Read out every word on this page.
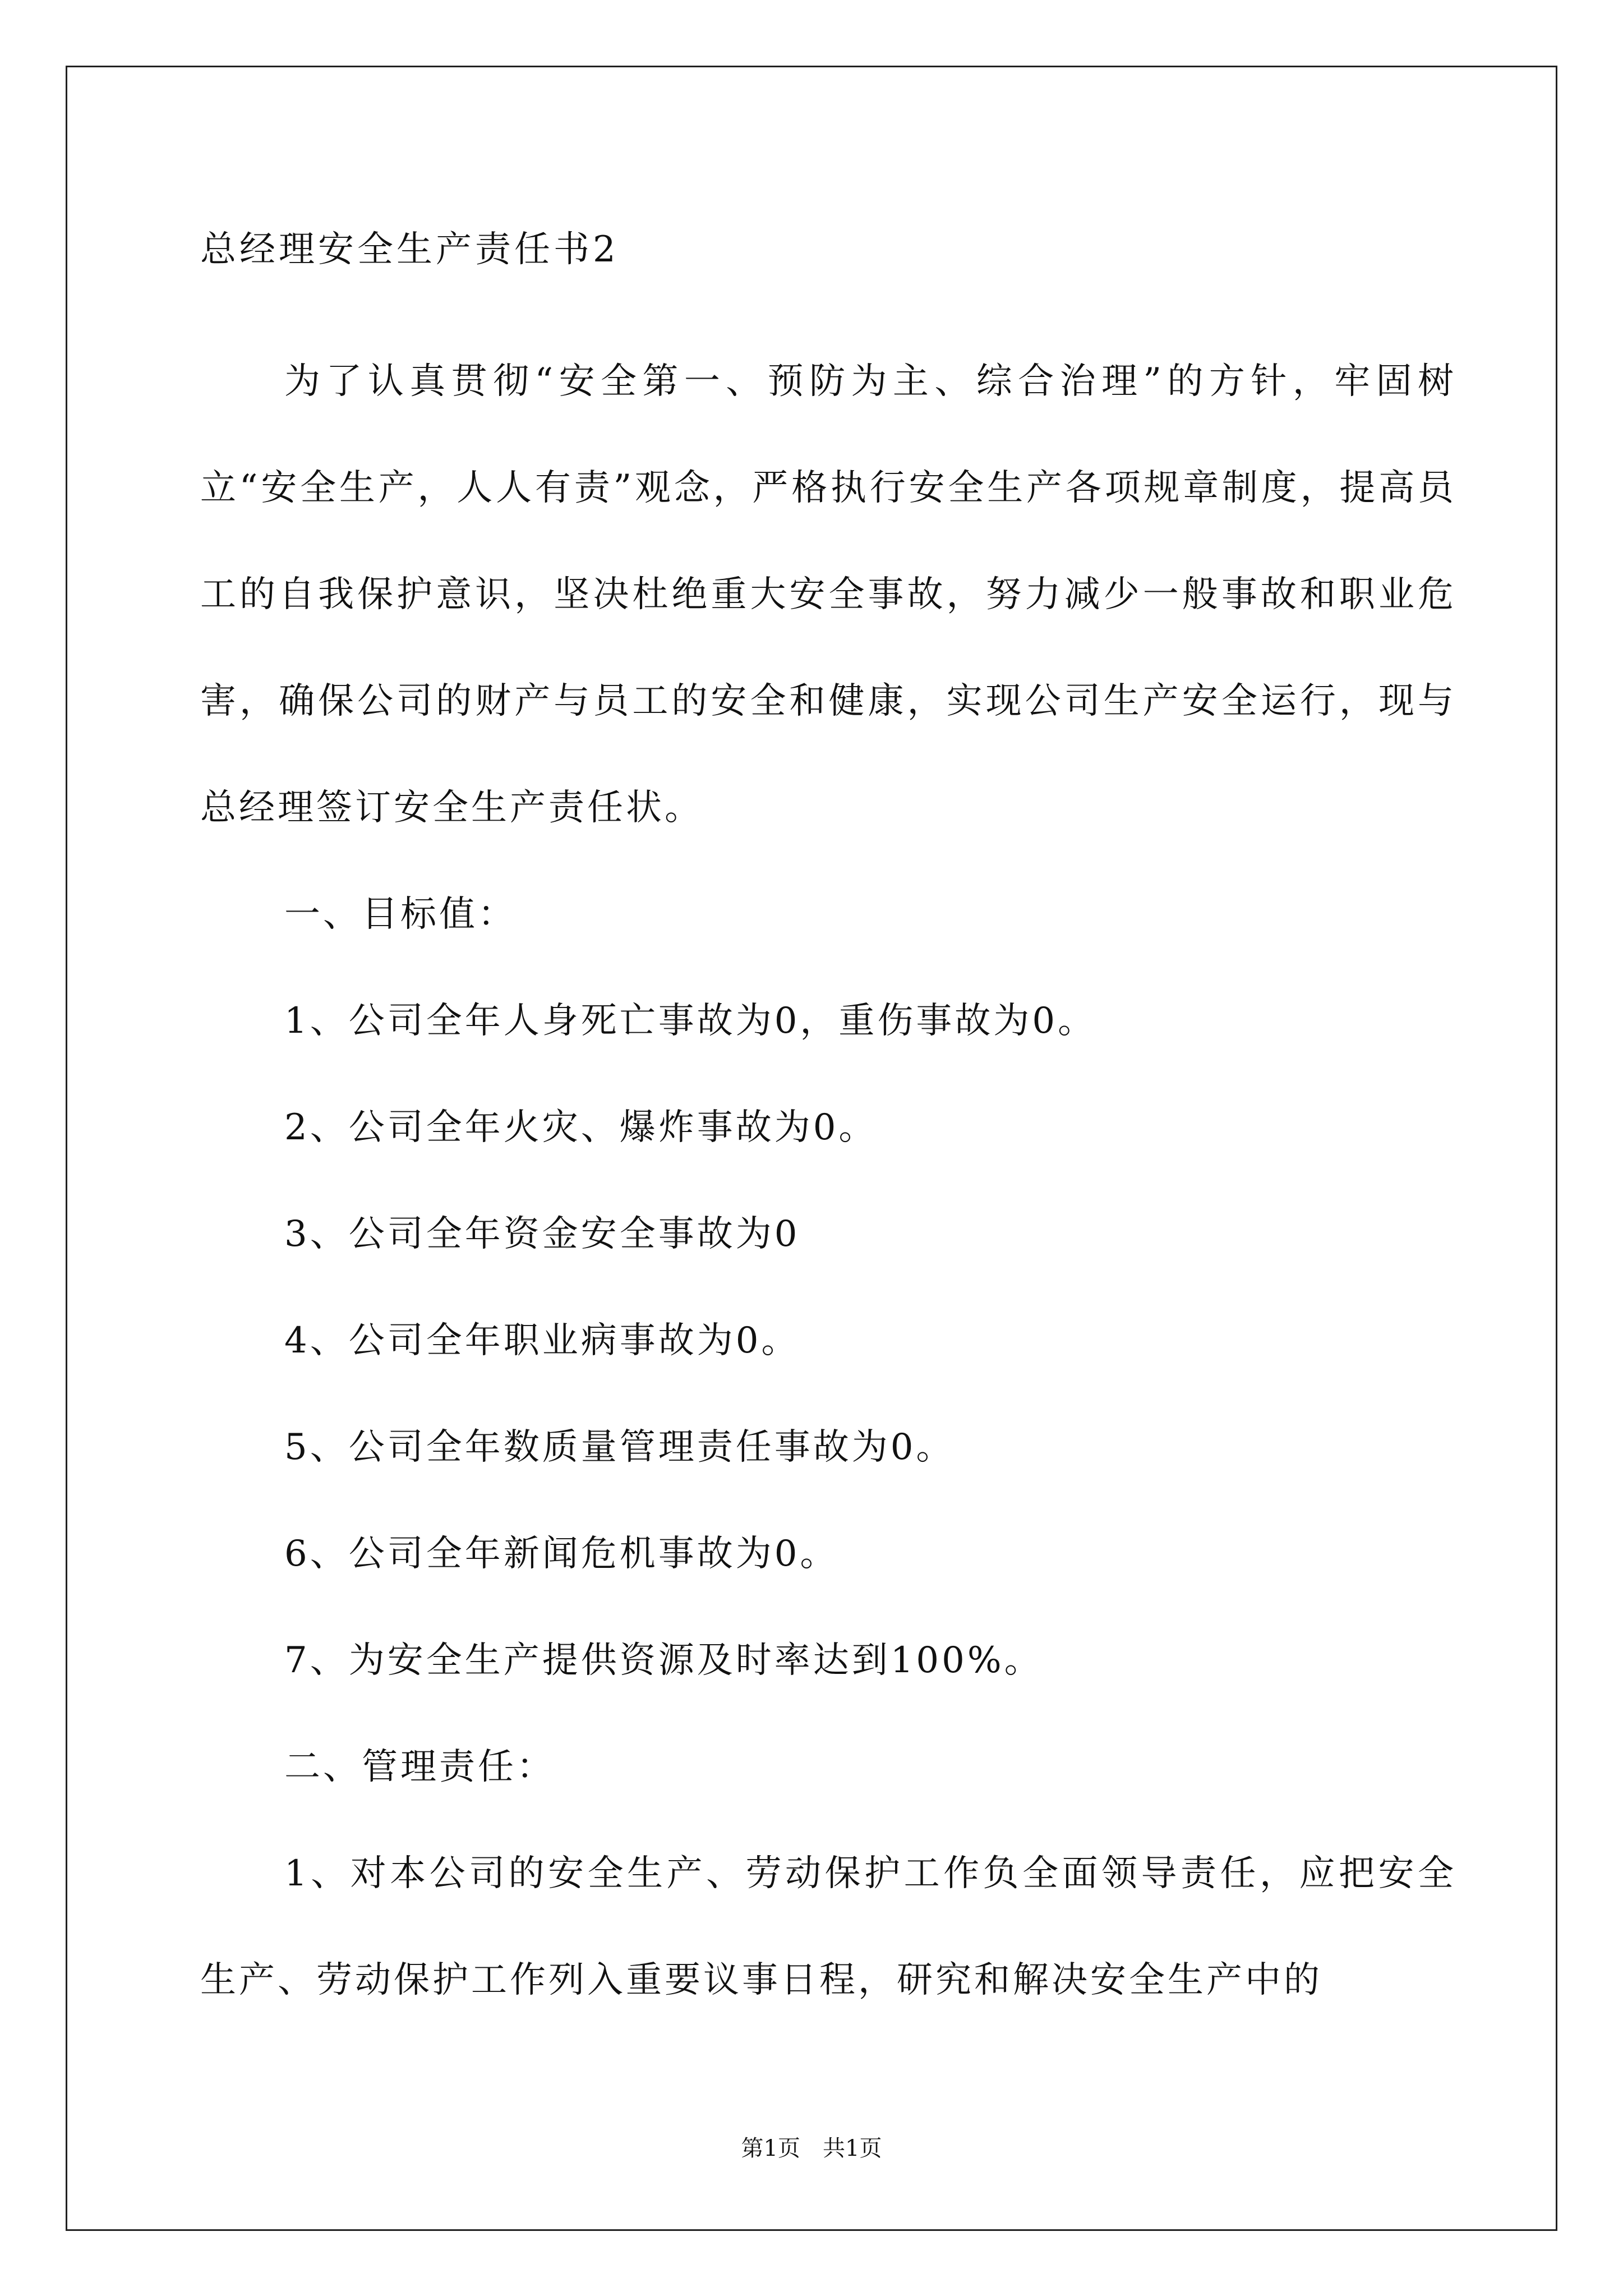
总经理安全生产责任书2

为了认真贯彻“安全第一、预防为主、综合治理”的方针，牢固树立“安全生产，人人有责”观念，严格执行安全生产各项规章制度，提高员工的自我保护意识，坚决杜绝重大安全事故，努力减少一般事故和职业危害，确保公司的财产与员工的安全和健康，实现公司生产安全运行，现与总经理签订安全生产责任状。

一、目标值：

1、公司全年人身死亡事故为0，重伤事故为0。

2、公司全年火灾、爆炸事故为0。

3、公司全年资金安全事故为0

4、公司全年职业病事故为0。

5、公司全年数质量管理责任事故为0。

6、公司全年新闻危机事故为0。

7、为安全生产提供资源及时率达到100%。

二、管理责任：

1、对本公司的安全生产、劳动保护工作负全面领导责任，应把安全生产、劳动保护工作列入重要议事日程，研究和解决安全生产中的

第1页 共1页
